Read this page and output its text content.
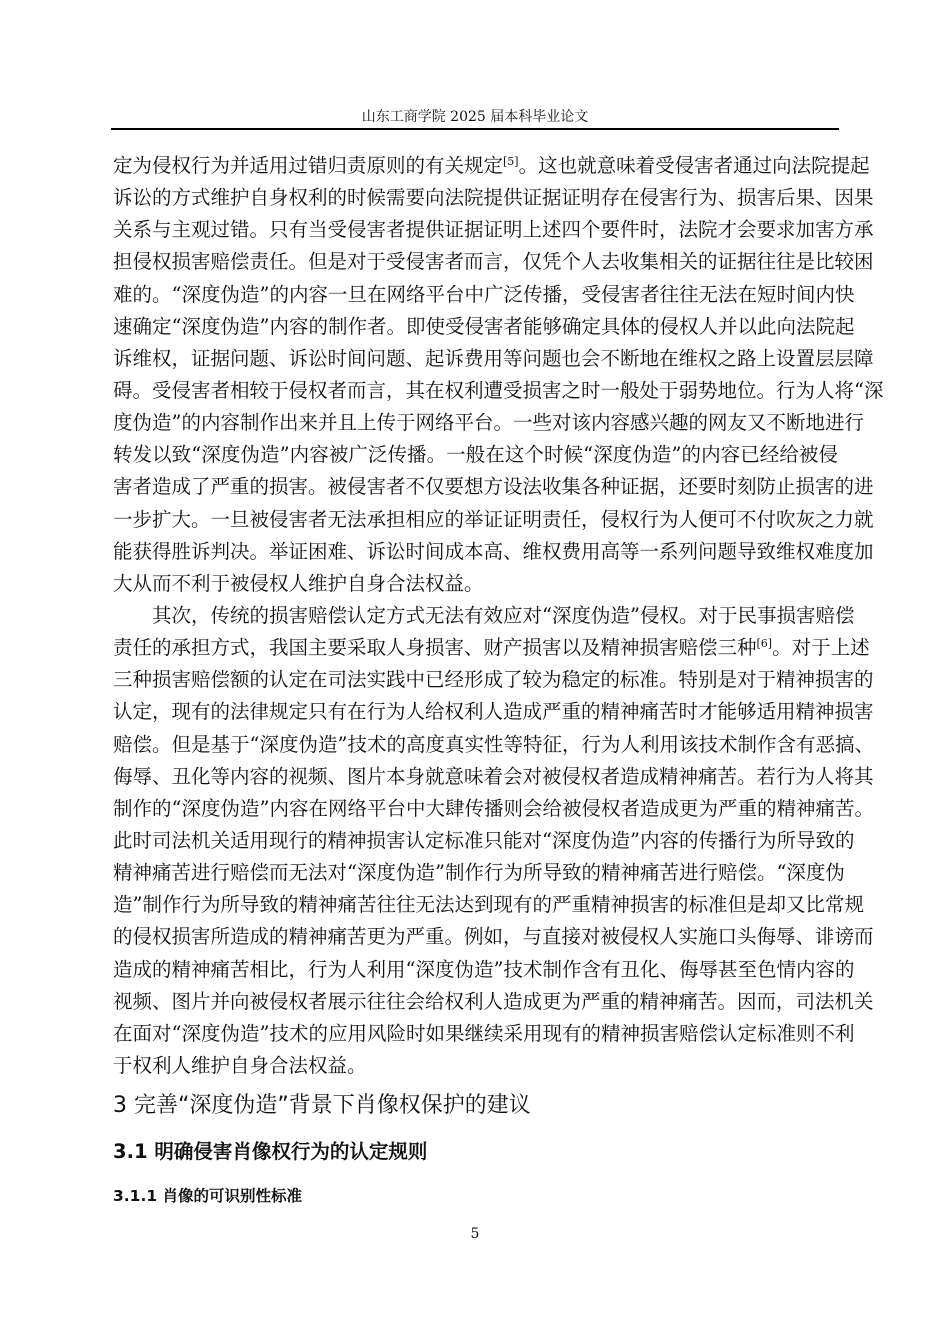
山东工商学院 2025 届本科毕业论文
定为侵权行为并适用过错归责原则的有关规定[5]。这也就意味着受侵害者通过向法院提起
诉讼的方式维护自身权利的时候需要向法院提供证据证明存在侵害行为、损害后果、因果
关系与主观过错。只有当受侵害者提供证据证明上述四个要件时，法院才会要求加害方承
担侵权损害赔偿责任。但是对于受侵害者而言，仅凭个人去收集相关的证据往往是比较困
难的。“深度伪造”的内容一旦在网络平台中广泛传播，受侵害者往往无法在短时间内快
速确定“深度伪造”内容的制作者。即使受侵害者能够确定具体的侵权人并以此向法院起
诉维权，证据问题、诉讼时间问题、起诉费用等问题也会不断地在维权之路上设置层层障
碍。受侵害者相较于侵权者而言，其在权利遭受损害之时一般处于弱势地位。行为人将“深
度伪造”的内容制作出来并且上传于网络平台。一些对该内容感兴趣的网友又不断地进行
转发以致“深度伪造”内容被广泛传播。一般在这个时候“深度伪造”的内容已经给被侵
害者造成了严重的损害。被侵害者不仅要想方设法收集各种证据，还要时刻防止损害的进
一步扩大。一旦被侵害者无法承担相应的举证证明责任，侵权行为人便可不付吹灰之力就
能获得胜诉判决。举证困难、诉讼时间成本高、维权费用高等一系列问题导致维权难度加
大从而不利于被侵权人维护自身合法权益。
其次，传统的损害赔偿认定方式无法有效应对“深度伪造”侵权。对于民事损害赔偿
责任的承担方式，我国主要采取人身损害、财产损害以及精神损害赔偿三种[6]。对于上述
三种损害赔偿额的认定在司法实践中已经形成了较为稳定的标准。特别是对于精神损害的
认定，现有的法律规定只有在行为人给权利人造成严重的精神痛苦时才能够适用精神损害
赔偿。但是基于“深度伪造”技术的高度真实性等特征，行为人利用该技术制作含有恶搞、
侮辱、丑化等内容的视频、图片本身就意味着会对被侵权者造成精神痛苦。若行为人将其
制作的“深度伪造”内容在网络平台中大肆传播则会给被侵权者造成更为严重的精神痛苦。
此时司法机关适用现行的精神损害认定标准只能对“深度伪造”内容的传播行为所导致的
精神痛苦进行赔偿而无法对“深度伪造”制作行为所导致的精神痛苦进行赔偿。“深度伪
造”制作行为所导致的精神痛苦往往无法达到现有的严重精神损害的标准但是却又比常规
的侵权损害所造成的精神痛苦更为严重。例如，与直接对被侵权人实施口头侮辱、诽谤而
造成的精神痛苦相比，行为人利用“深度伪造”技术制作含有丑化、侮辱甚至色情内容的
视频、图片并向被侵权者展示往往会给权利人造成更为严重的精神痛苦。因而，司法机关
在面对“深度伪造”技术的应用风险时如果继续采用现有的精神损害赔偿认定标准则不利
于权利人维护自身合法权益。
3 完善“深度伪造”背景下肖像权保护的建议
3.1 明确侵害肖像权行为的认定规则
3.1.1 肖像的可识别性标准
5
